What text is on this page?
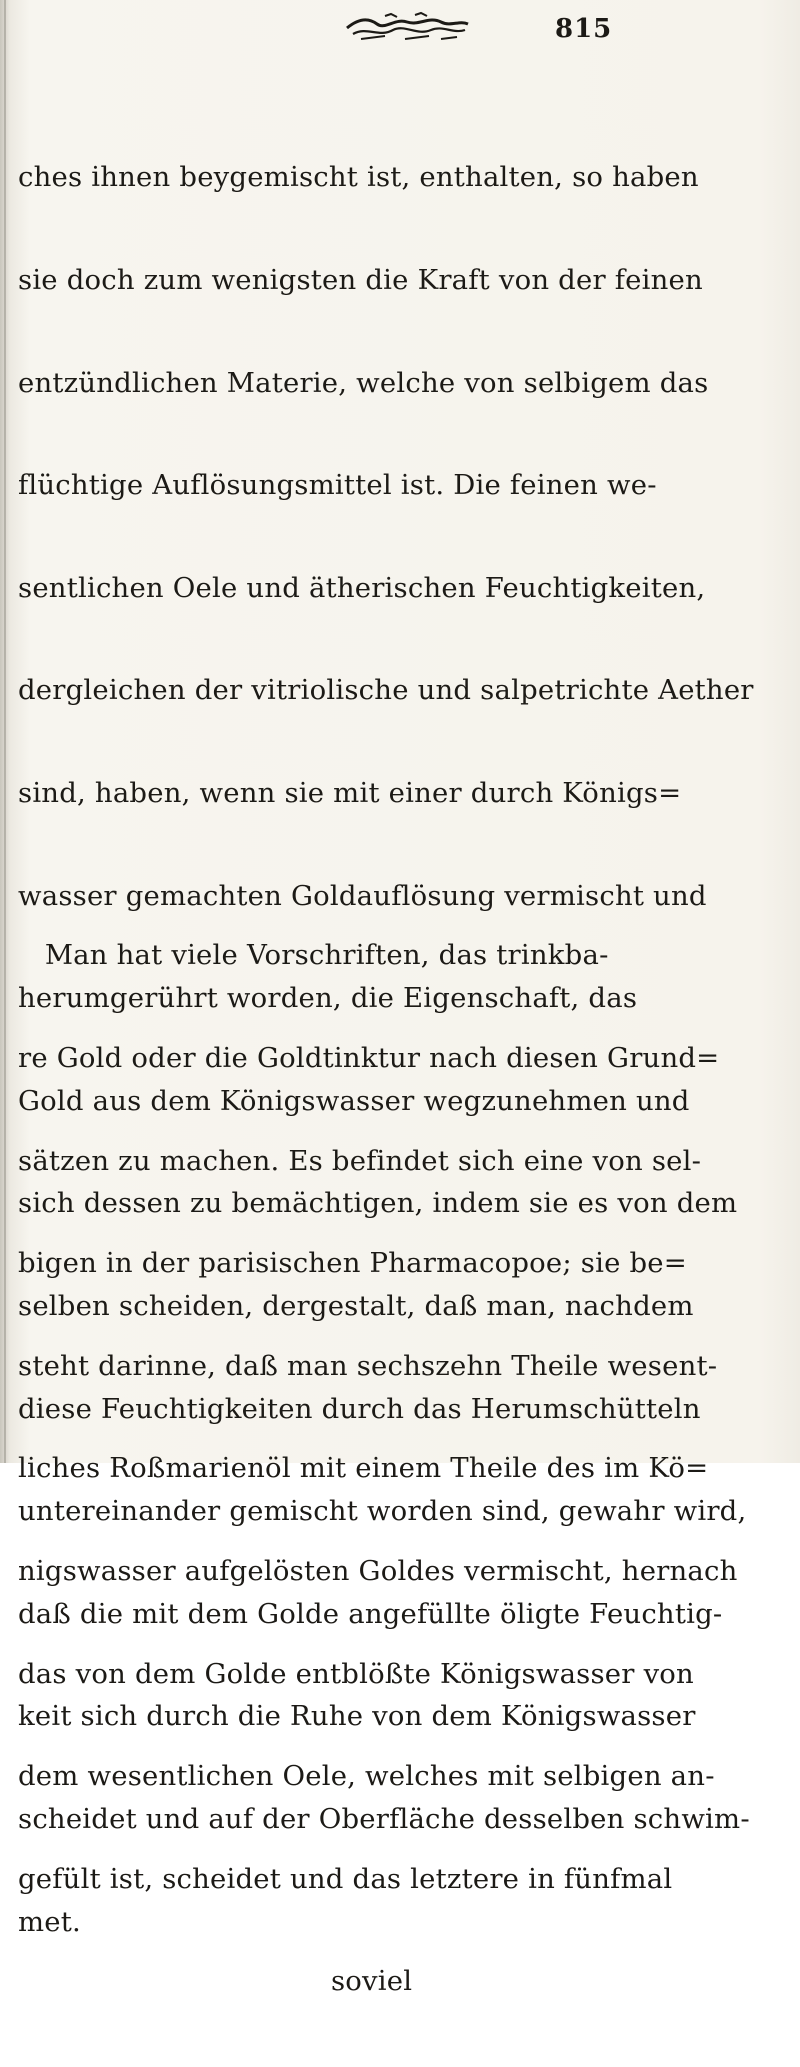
815

ches ihnen beygemischt ist, enthalten, so haben

sie doch zum wenigsten die Kraft von der feinen

entzündlichen Materie, welche von selbigem das

flüchtige Auflösungsmittel ist. Die feinen we-

sentlichen Oele und ätherischen Feuchtigkeiten,

dergleichen der vitriolische und salpetrichte Aether

sind, haben, wenn sie mit einer durch Königs=

wasser gemachten Goldauflösung vermischt und

herumgerührt worden, die Eigenschaft, das

Gold aus dem Königswasser wegzunehmen und

sich dessen zu bemächtigen, indem sie es von dem

selben scheiden, dergestalt, daß man, nachdem

diese Feuchtigkeiten durch das Herumschütteln

untereinander gemischt worden sind, gewahr wird,

daß die mit dem Golde angefüllte öligte Feuchtig-

keit sich durch die Ruhe von dem Königswasser

scheidet und auf der Oberfläche desselben schwim-

met.

Man hat viele Vorschriften, das trinkba-

re Gold oder die Goldtinktur nach diesen Grund=

sätzen zu machen. Es befindet sich eine von sel-

bigen in der parisischen Pharmacopoe; sie be=

steht darinne, daß man sechszehn Theile wesent-

liches Roßmarienöl mit einem Theile des im Kö=

nigswasser aufgelösten Goldes vermischt, hernach

das von dem Golde entblößte Königswasser von

dem wesentlichen Oele, welches mit selbigen an-

gefült ist, scheidet und das letztere in fünfmal

soviel
